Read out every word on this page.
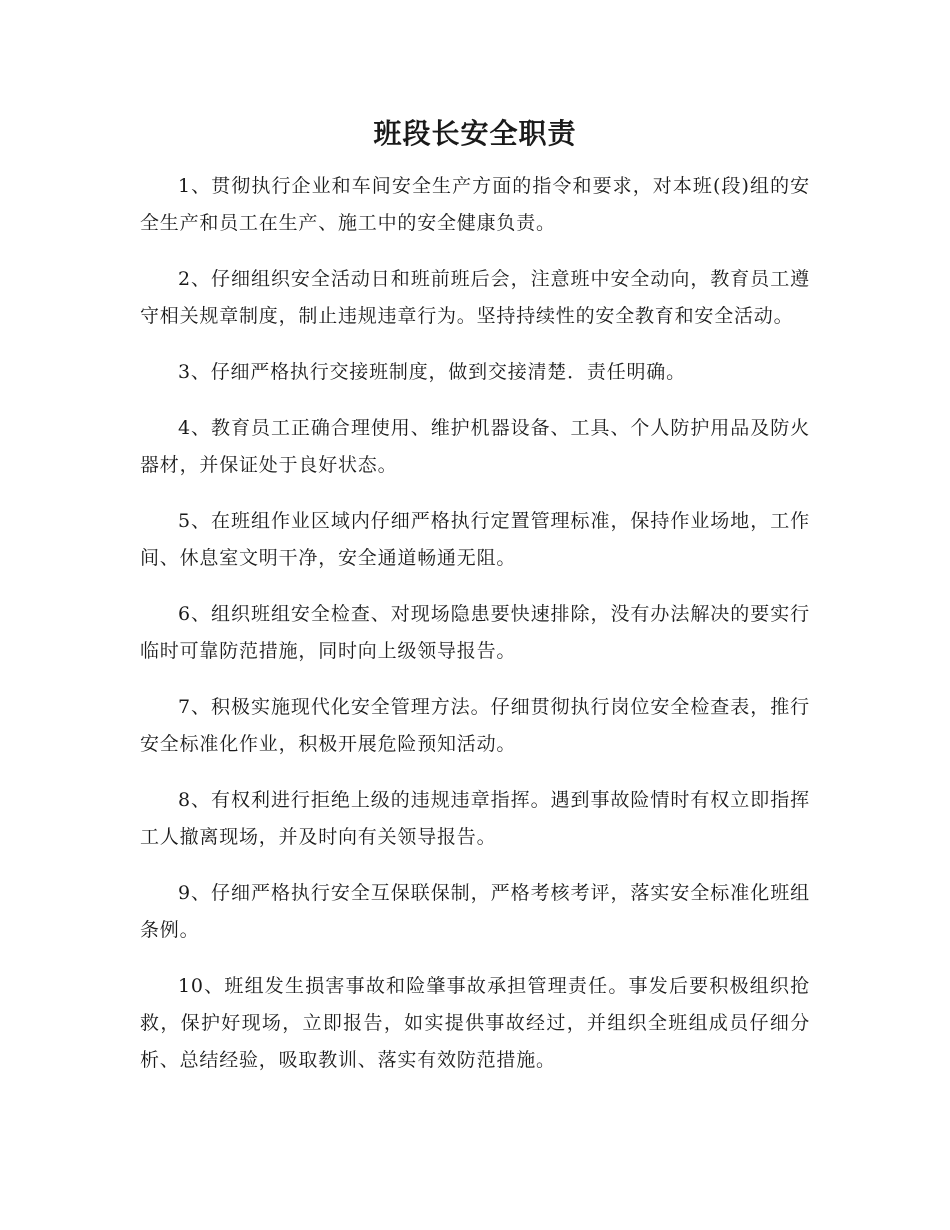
班段长安全职责

1、贯彻执行企业和车间安全生产方面的指令和要求，对本班(段)组的安全生产和员工在生产、施工中的安全健康负责。

2、仔细组织安全活动日和班前班后会，注意班中安全动向，教育员工遵守相关规章制度，制止违规违章行为。坚持持续性的安全教育和安全活动。

3、仔细严格执行交接班制度，做到交接清楚．责任明确。

4、教育员工正确合理使用、维护机器设备、工具、个人防护用品及防火器材，并保证处于良好状态。

5、在班组作业区域内仔细严格执行定置管理标准，保持作业场地，工作间、休息室文明干净，安全通道畅通无阻。

6、组织班组安全检查、对现场隐患要快速排除，没有办法解决的要实行临时可靠防范措施，同时向上级领导报告。

7、积极实施现代化安全管理方法。仔细贯彻执行岗位安全检查表，推行安全标准化作业，积极开展危险预知活动。

8、有权利进行拒绝上级的违规违章指挥。遇到事故险情时有权立即指挥工人撤离现场，并及时向有关领导报告。

9、仔细严格执行安全互保联保制，严格考核考评，落实安全标准化班组条例。

10、班组发生损害事故和险肇事故承担管理责任。事发后要积极组织抢救，保护好现场，立即报告，如实提供事故经过，并组织全班组成员仔细分析、总结经验，吸取教训、落实有效防范措施。
